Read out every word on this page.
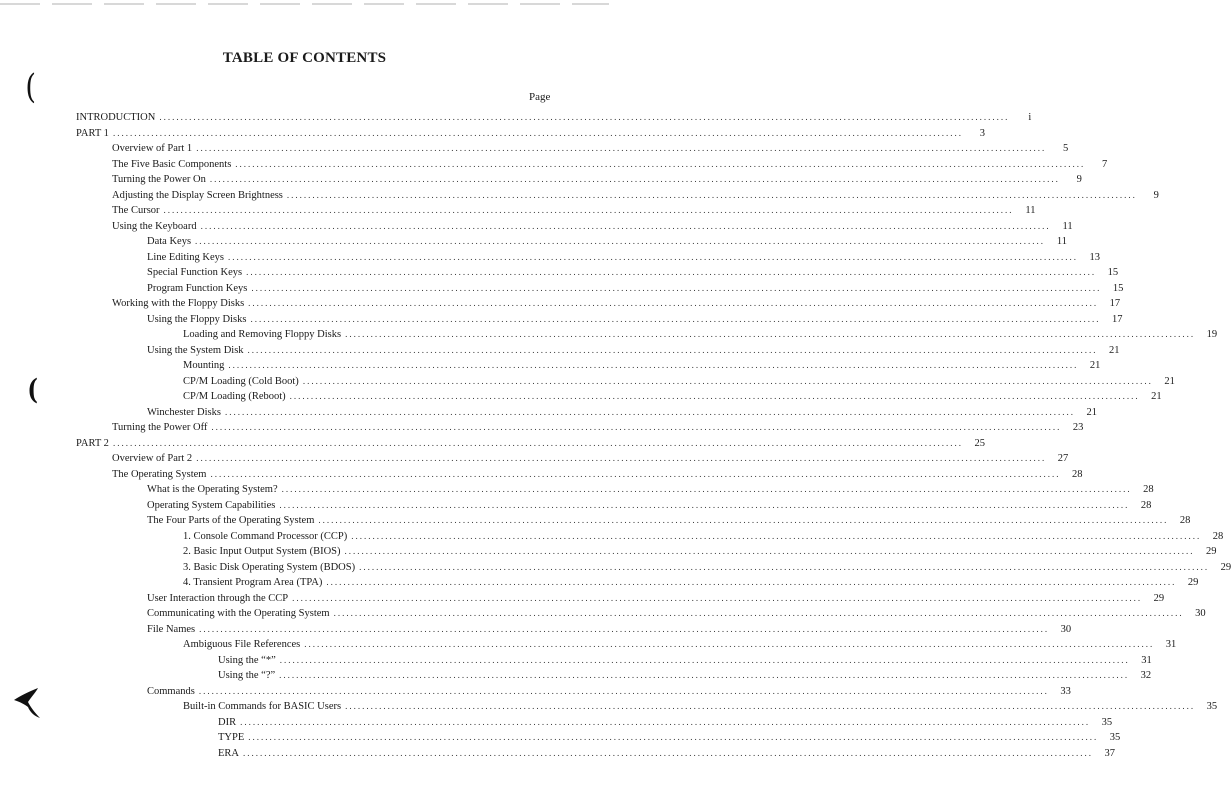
(
(
TABLE OF CONTENTS
Page
INTRODUCTION ........................................................................................................................................................................................................	i
PART 1 ........................................................................................................................................................................................................	3
Overview of Part 1 ........................................................................................................................................................................................................	5
The Five Basic Components ........................................................................................................................................................................................................	7
Turning the Power On ........................................................................................................................................................................................................	9
Adjusting the Display Screen Brightness ........................................................................................................................................................................................................	9
The Cursor ........................................................................................................................................................................................................	11
Using the Keyboard ........................................................................................................................................................................................................	11
Data Keys ........................................................................................................................................................................................................	11
Line Editing Keys ........................................................................................................................................................................................................	13
Special Function Keys ........................................................................................................................................................................................................	15
Program Function Keys ........................................................................................................................................................................................................	15
Working with the Floppy Disks ........................................................................................................................................................................................................	17
Using the Floppy Disks ........................................................................................................................................................................................................	17
Loading and Removing Floppy Disks ........................................................................................................................................................................................................	19
Using the System Disk ........................................................................................................................................................................................................	21
Mounting ........................................................................................................................................................................................................	21
CP/M Loading (Cold Boot) ........................................................................................................................................................................................................	21
CP/M Loading (Reboot) ........................................................................................................................................................................................................	21
Winchester Disks ........................................................................................................................................................................................................	21
Turning the Power Off ........................................................................................................................................................................................................	23
PART 2 ........................................................................................................................................................................................................	25
Overview of Part 2 ........................................................................................................................................................................................................	27
The Operating System ........................................................................................................................................................................................................	28
What is the Operating System? ........................................................................................................................................................................................................	28
Operating System Capabilities ........................................................................................................................................................................................................	28
The Four Parts of the Operating System ........................................................................................................................................................................................................	28
1. Console Command Processor (CCP) ........................................................................................................................................................................................................	28
2. Basic Input Output System (BIOS) ........................................................................................................................................................................................................	29
3. Basic Disk Operating System (BDOS) ........................................................................................................................................................................................................	29
4. Transient Program Area (TPA) ........................................................................................................................................................................................................	29
User Interaction through the CCP ........................................................................................................................................................................................................	29
Communicating with the Operating System ........................................................................................................................................................................................................	30
File Names ........................................................................................................................................................................................................	30
Ambiguous File References ........................................................................................................................................................................................................	31
Using the “*” ........................................................................................................................................................................................................	31
Using the “?” ........................................................................................................................................................................................................	32
Commands ........................................................................................................................................................................................................	33
Built-in Commands for BASIC Users ........................................................................................................................................................................................................	35
DIR ........................................................................................................................................................................................................	35
TYPE ........................................................................................................................................................................................................	35
ERA ........................................................................................................................................................................................................	37
